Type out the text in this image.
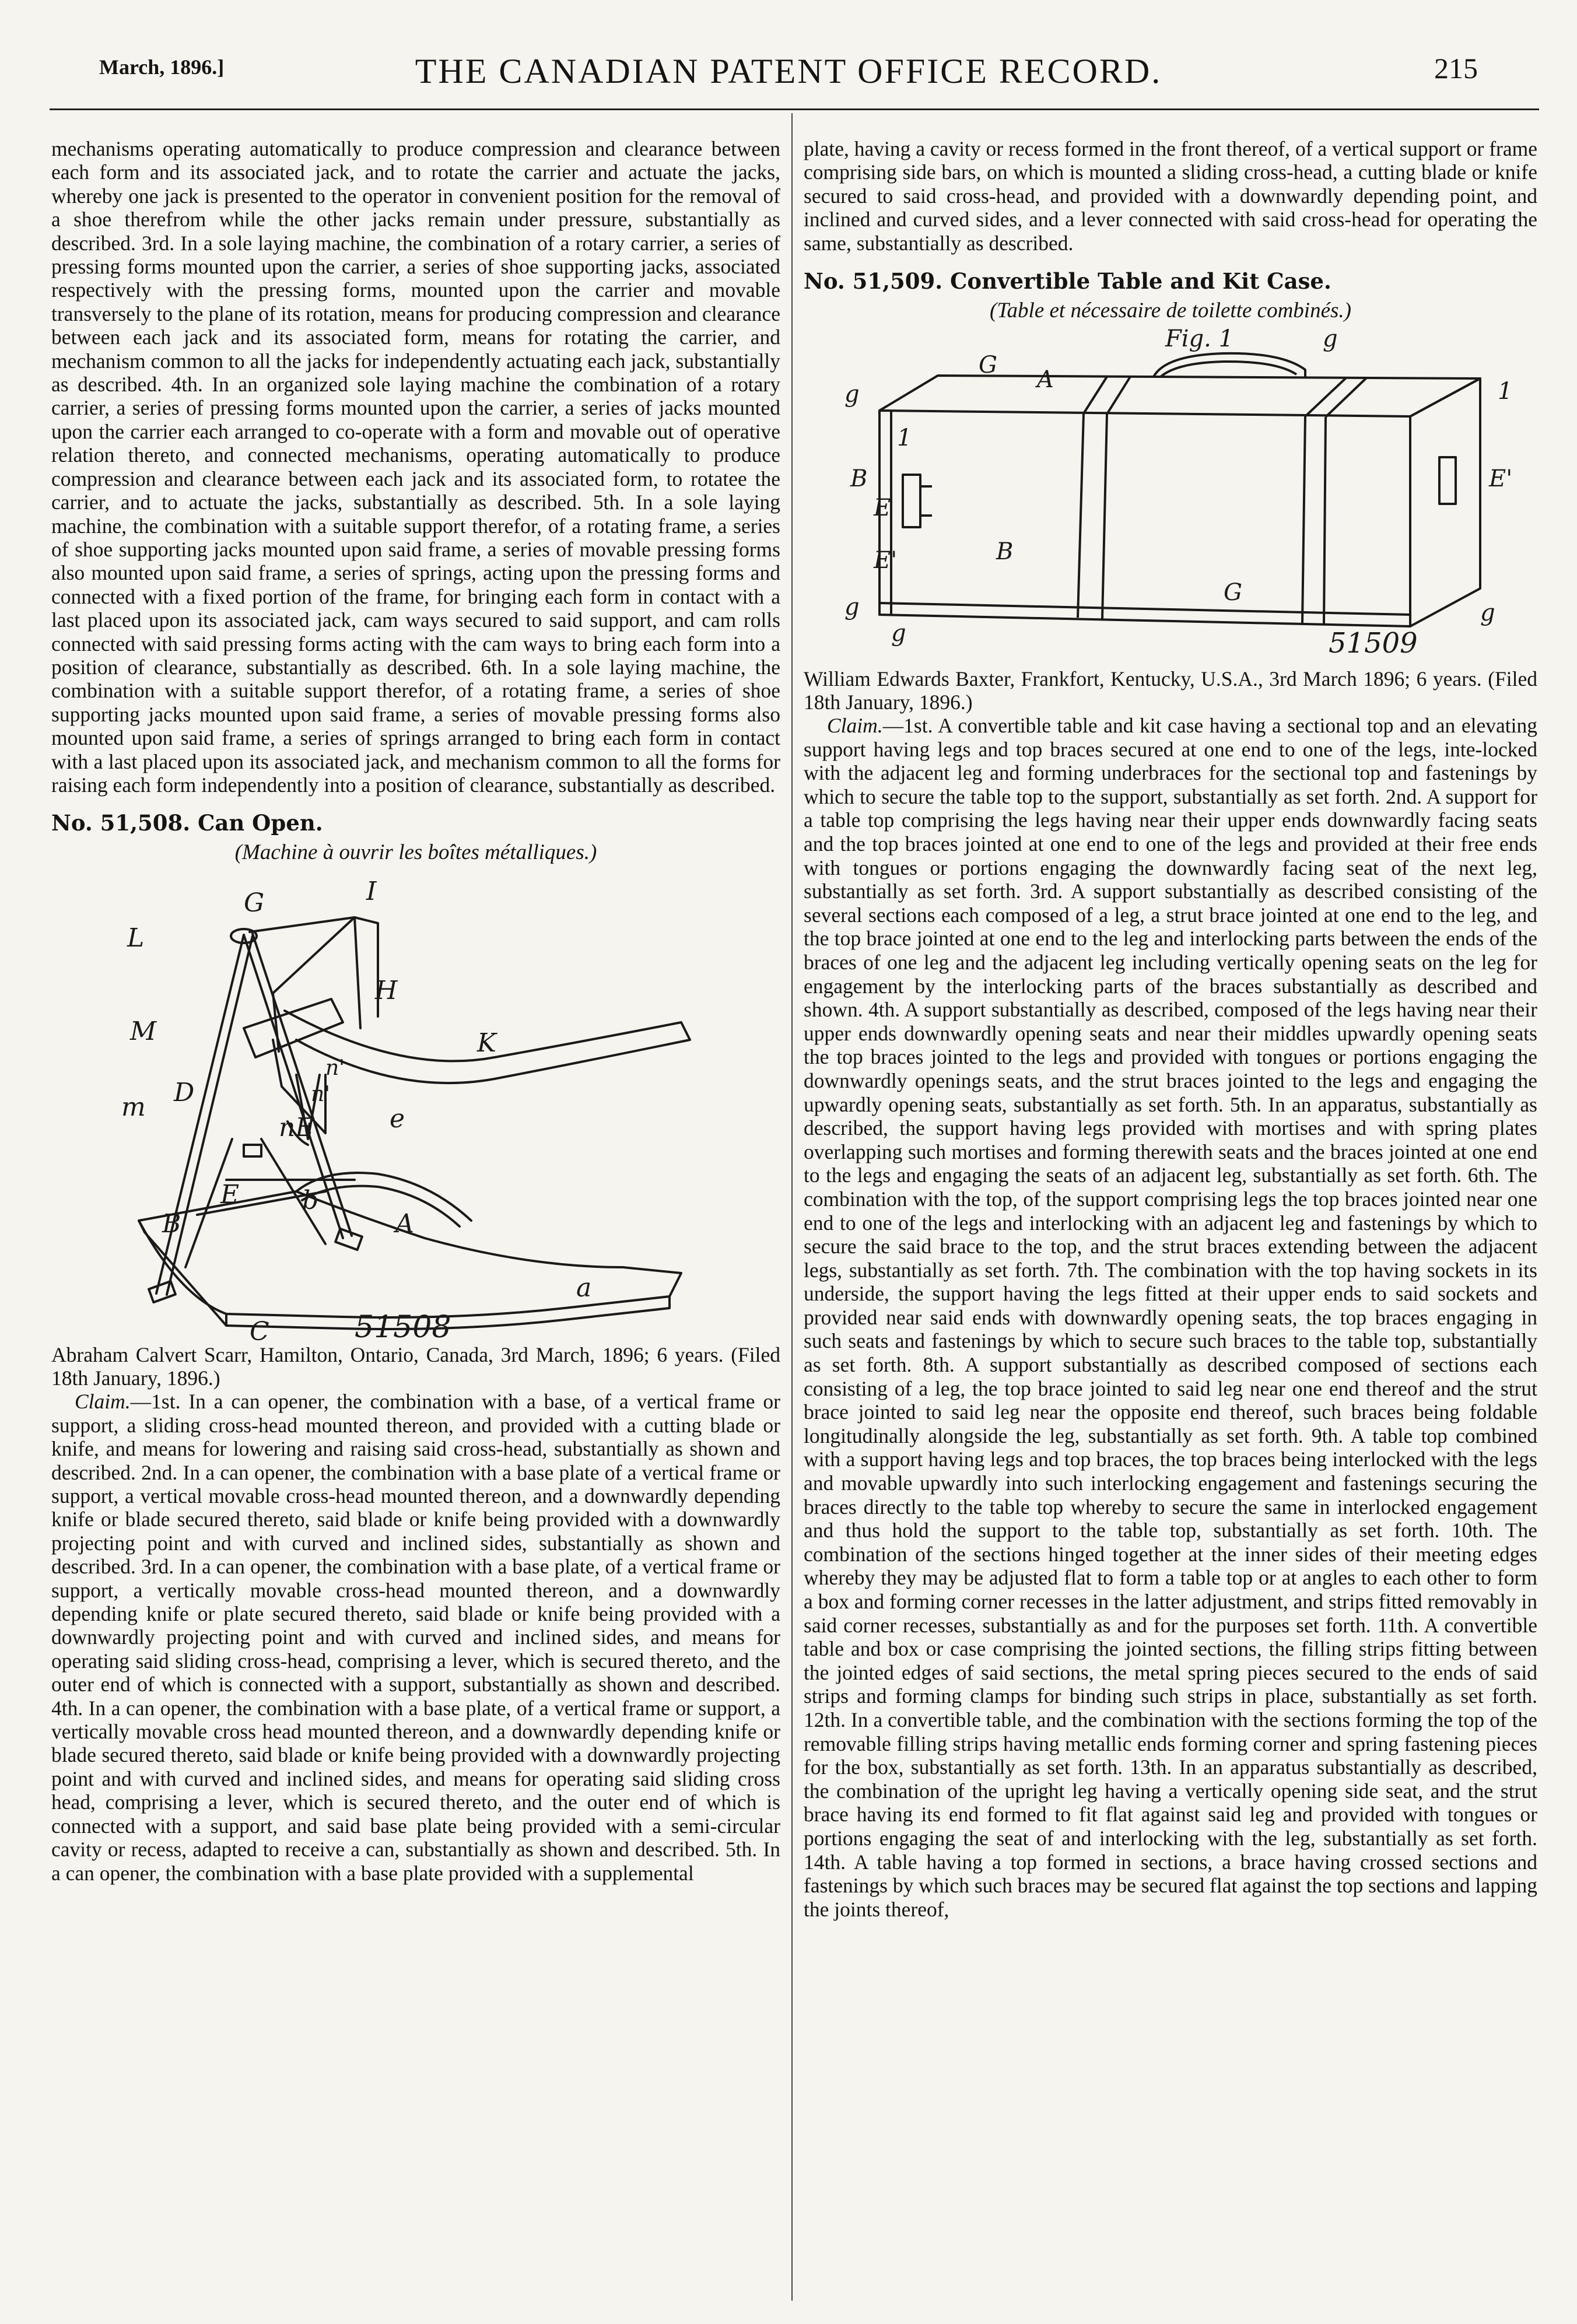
March, 1896.]	THE CANADIAN PATENT OFFICE RECORD.	215

mechanisms operating automatically to produce compression and clearance between each form and its associated jack, and to rotate the carrier and actuate the jacks, whereby one jack is presented to the operator in convenient position for the removal of a shoe therefrom while the other jacks remain under pressure, substantially as described. 3rd. In a sole laying machine, the combination of a rotary carrier, a series of pressing forms mounted upon the carrier, a series of shoe supporting jacks, associated respectively with the pressing forms, mounted upon the carrier and movable transversely to the plane of its rotation, means for producing compression and clearance between each jack and its associated form, means for rotating the carrier, and mechanism common to all the jacks for independently actuating each jack, substantially as described. 4th. In an organized sole laying machine the combination of a rotary carrier, a series of pressing forms mounted upon the carrier, a series of jacks mounted upon the carrier each arranged to co-operate with a form and movable out of operative relation thereto, and connected mechanisms, operating automatically to produce compression and clearance between each jack and its associated form, to rotatee the carrier, and to actuate the jacks, substantially as described. 5th. In a sole laying machine, the combination with a suitable support therefor, of a rotating frame, a series of shoe supporting jacks mounted upon said frame, a series of movable pressing forms also mounted upon said frame, a series of springs, acting upon the pressing forms and connected with a fixed portion of the frame, for bringing each form in contact with a last placed upon its associated jack, cam ways secured to said support, and cam rolls connected with said pressing forms acting with the cam ways to bring each form into a position of clearance, substantially as described. 6th. In a sole laying machine, the combination with a suitable support therefor, of a rotating frame, a series of shoe supporting jacks mounted upon said frame, a series of movable pressing forms also mounted upon said frame, a series of springs arranged to bring each form in contact with a last placed upon its associated jack, and mechanism common to all the forms for raising each form independently into a position of clearance, substantially as described.

No. 51,508. Can Open.

(Machine à ouvrir les boîtes métalliques.)

G	I
L
H
M	K
D
m
n'
n'
nE	e
E b
B	A
a
C	51508

Abraham Calvert Scarr, Hamilton, Ontario, Canada, 3rd March, 1896; 6 years. (Filed 18th January, 1896.)

Claim.—1st. In a can opener, the combination with a base, of a vertical frame or support, a sliding cross-head mounted thereon, and provided with a cutting blade or knife, and means for lowering and raising said cross-head, substantially as shown and described. 2nd. In a can opener, the combination with a base plate of a vertical frame or support, a vertical movable cross-head mounted thereon, and a downwardly depending knife or blade secured thereto, said blade or knife being provided with a downwardly projecting point and with curved and inclined sides, substantially as shown and described. 3rd. In a can opener, the combination with a base plate, of a vertical frame or support, a vertically movable cross-head mounted thereon, and a downwardly depending knife or plate secured thereto, said blade or knife being provided with a downwardly projecting point and with curved and inclined sides, and means for operating said sliding cross-head, comprising a lever, which is secured thereto, and the outer end of which is connected with a support, substantially as shown and described. 4th. In a can opener, the combination with a base plate, of a vertical frame or support, a vertically movable cross head mounted thereon, and a downwardly depending knife or blade secured thereto, said blade or knife being provided with a downwardly projecting point and with curved and inclined sides, and means for operating said sliding cross head, comprising a lever, which is secured thereto, and the outer end of which is connected with a support, and said base plate being provided with a semi-circular cavity or recess, adapted to receive a can, substantially as shown and described. 5th. In a can opener, the combination with a base plate provided with a supplemental

plate, having a cavity or recess formed in the front thereof, of a vertical support or frame comprising side bars, on which is mounted a sliding cross-head, a cutting blade or knife secured to said cross-head, and provided with a downwardly depending point, and inclined and curved sides, and a lever connected with said cross-head for operating the same, substantially as described.

No. 51,509. Convertible Table and Kit Case.

(Table et nécessaire de toilette combinés.)

Fig. 1	g
G
A
g
1
1
B
E
E'
B
E'
g
g
G
g
51509

William Edwards Baxter, Frankfort, Kentucky, U.S.A., 3rd March 1896; 6 years. (Filed 18th January, 1896.)

Claim.—1st. A convertible table and kit case having a sectional top and an elevating support having legs and top braces secured at one end to one of the legs, inte-locked with the adjacent leg and forming underbraces for the sectional top and fastenings by which to secure the table top to the support, substantially as set forth. 2nd. A support for a table top comprising the legs having near their upper ends downwardly facing seats and the top braces jointed at one end to one of the legs and provided at their free ends with tongues or portions engaging the downwardly facing seat of the next leg, substantially as set forth. 3rd. A support substantially as described consisting of the several sections each composed of a leg, a strut brace jointed at one end to the leg, and the top brace jointed at one end to the leg and interlocking parts between the ends of the braces of one leg and the adjacent leg including vertically opening seats on the leg for engagement by the interlocking parts of the braces substantially as described and shown. 4th. A support substantially as described, composed of the legs having near their upper ends downwardly opening seats and near their middles upwardly opening seats the top braces jointed to the legs and provided with tongues or portions engaging the downwardly openings seats, and the strut braces jointed to the legs and engaging the upwardly opening seats, substantially as set forth. 5th. In an apparatus, substantially as described, the support having legs provided with mortises and with spring plates overlapping such mortises and forming therewith seats and the braces jointed at one end to the legs and engaging the seats of an adjacent leg, substantially as set forth. 6th. The combination with the top, of the support comprising legs the top braces jointed near one end to one of the legs and interlocking with an adjacent leg and fastenings by which to secure the said brace to the top, and the strut braces extending between the adjacent legs, substantially as set forth. 7th. The combination with the top having sockets in its underside, the support having the legs fitted at their upper ends to said sockets and provided near said ends with downwardly opening seats, the top braces engaging in such seats and fastenings by which to secure such braces to the table top, substantially as set forth. 8th. A support substantially as described composed of sections each consisting of a leg, the top brace jointed to said leg near one end thereof and the strut brace jointed to said leg near the opposite end thereof, such braces being foldable longitudinally alongside the leg, substantially as set forth. 9th. A table top combined with a support having legs and top braces, the top braces being interlocked with the legs and movable upwardly into such interlocking engagement and fastenings securing the braces directly to the table top whereby to secure the same in interlocked engagement and thus hold the support to the table top, substantially as set forth. 10th. The combination of the sections hinged together at the inner sides of their meeting edges whereby they may be adjusted flat to form a table top or at angles to each other to form a box and forming corner recesses in the latter adjustment, and strips fitted removably in said corner recesses, substantially as and for the purposes set forth. 11th. A convertible table and box or case comprising the jointed sections, the filling strips fitting between the jointed edges of said sections, the metal spring pieces secured to the ends of said strips and forming clamps for binding such strips in place, substantially as set forth. 12th. In a convertible table, and the combination with the sections forming the top of the removable filling strips having metallic ends forming corner and spring fastening pieces for the box, substantially as set forth. 13th. In an apparatus substantially as described, the combination of the upright leg having a vertically opening side seat, and the strut brace having its end formed to fit flat against said leg and provided with tongues or portions engaging the seat of and interlocking with the leg, substantially as set forth. 14th. A table having a top formed in sections, a brace having crossed sections and fastenings by which such braces may be secured flat against the top sections and lapping the joints thereof,
